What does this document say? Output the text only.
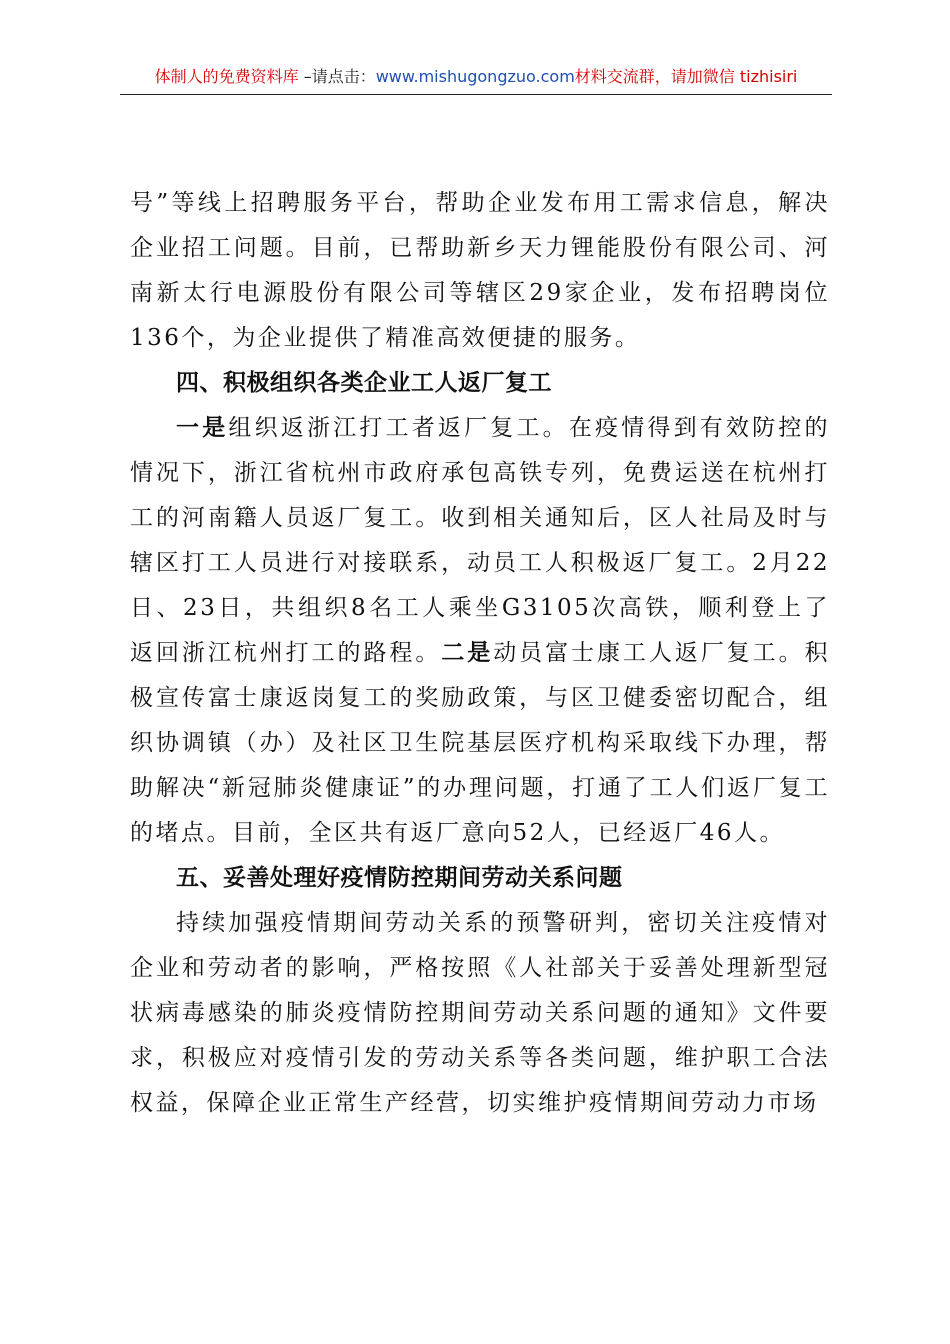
体制人的免费资料库 –请点击：www.mishugongzuo.com材料交流群，请加微信 tizhisiri

号”等线上招聘服务平台，帮助企业发布用工需求信息，解决企业招工问题。目前，已帮助新乡天力锂能股份有限公司、河南新太行电源股份有限公司等辖区29家企业，发布招聘岗位136个，为企业提供了精准高效便捷的服务。

四、积极组织各类企业工人返厂复工

一是组织返浙江打工者返厂复工。在疫情得到有效防控的情况下，浙江省杭州市政府承包高铁专列，免费运送在杭州打工的河南籍人员返厂复工。收到相关通知后，区人社局及时与辖区打工人员进行对接联系，动员工人积极返厂复工。2月22日、23日，共组织8名工人乘坐G3105次高铁，顺利登上了返回浙江杭州打工的路程。二是动员富士康工人返厂复工。积极宣传富士康返岗复工的奖励政策，与区卫健委密切配合，组织协调镇（办）及社区卫生院基层医疗机构采取线下办理，帮助解决“新冠肺炎健康证”的办理问题，打通了工人们返厂复工的堵点。目前，全区共有返厂意向52人，已经返厂46人。

五、妥善处理好疫情防控期间劳动关系问题

持续加强疫情期间劳动关系的预警研判，密切关注疫情对企业和劳动者的影响，严格按照《人社部关于妥善处理新型冠状病毒感染的肺炎疫情防控期间劳动关系问题的通知》文件要求，积极应对疫情引发的劳动关系等各类问题，维护职工合法权益，保障企业正常生产经营，切实维护疫情期间劳动力市场
